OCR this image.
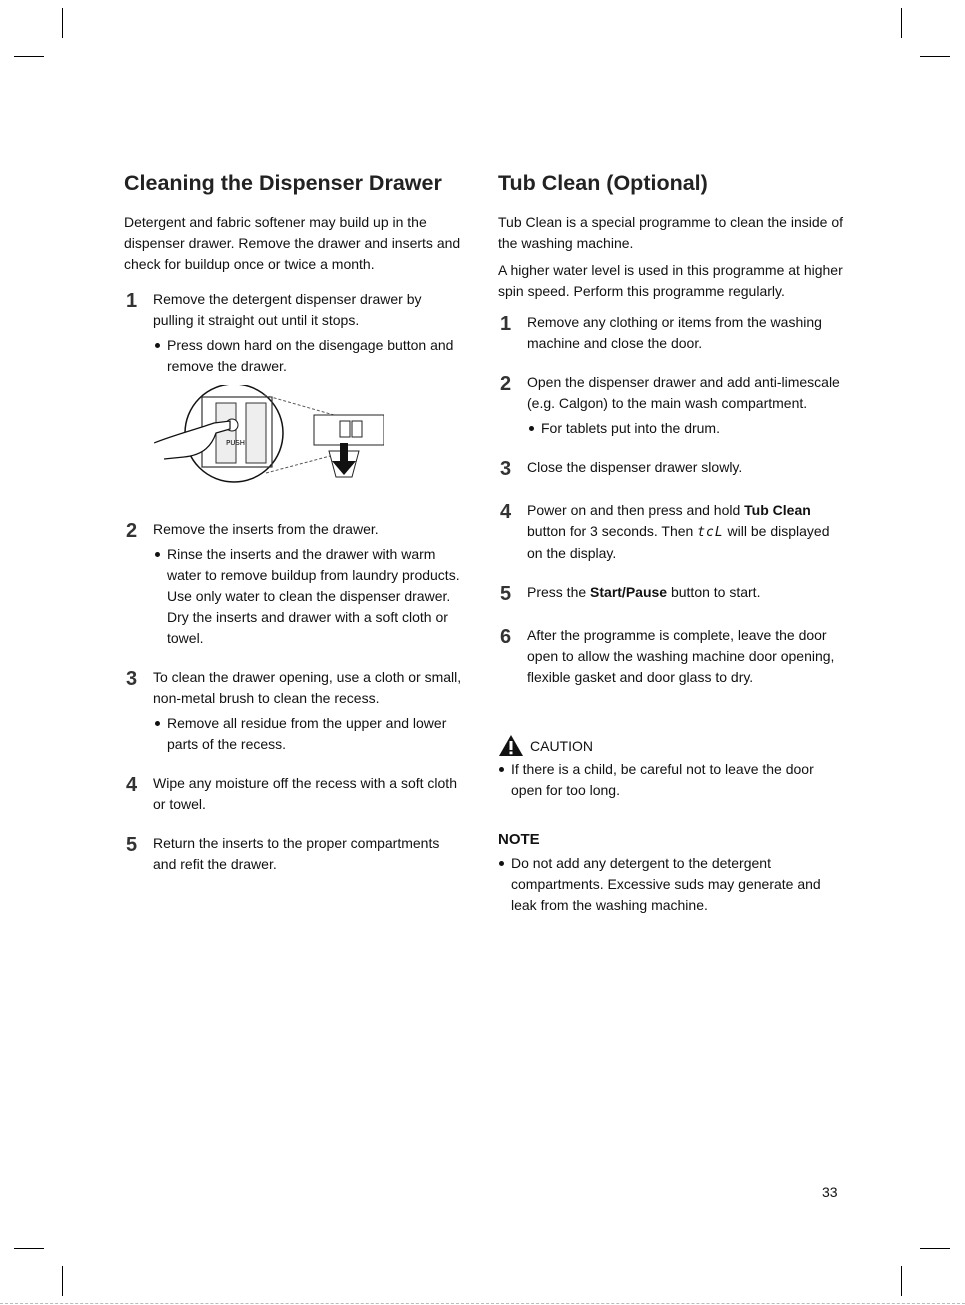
Cleaning the Dispenser Drawer

Detergent and fabric softener may build up in the dispenser drawer. Remove the drawer and inserts and check for buildup once or twice a month.

1 Remove the detergent dispenser drawer by pulling it straight out until it stops.
Press down hard on the disengage button and remove the drawer.
PUSH
2 Remove the inserts from the drawer.
Rinse the inserts and the drawer with warm water to remove buildup from laundry products. Use only water to clean the dispenser drawer. Dry the inserts and drawer with a soft cloth or towel.
3 To clean the drawer opening, use a cloth or small, non-metal brush to clean the recess.
Remove all residue from the upper and lower parts of the recess.
4 Wipe any moisture off the recess with a soft cloth or towel.
5 Return the inserts to the proper compartments and refit the drawer.
Tub Clean (Optional)

Tub Clean is a special programme to clean the inside of the washing machine.

A higher water level is used in this programme at higher spin speed. Perform this programme regularly.

1 Remove any clothing or items from the washing machine and close the door.
2 Open the dispenser drawer and add anti-limescale (e.g. Calgon) to the main wash compartment.
For tablets put into the drum.
3 Close the dispenser drawer slowly.
4 Power on and then press and hold Tub Clean button for 3 seconds. Then tcL will be displayed on the display.
5 Press the Start/Pause button to start.
6 After the programme is complete, leave the door open to allow the washing machine door opening, flexible gasket and door glass to dry.
CAUTION
If there is a child, be careful not to leave the door open for too long.
NOTE
Do not add any detergent to the detergent compartments. Excessive suds may generate and leak from the washing machine.
33
